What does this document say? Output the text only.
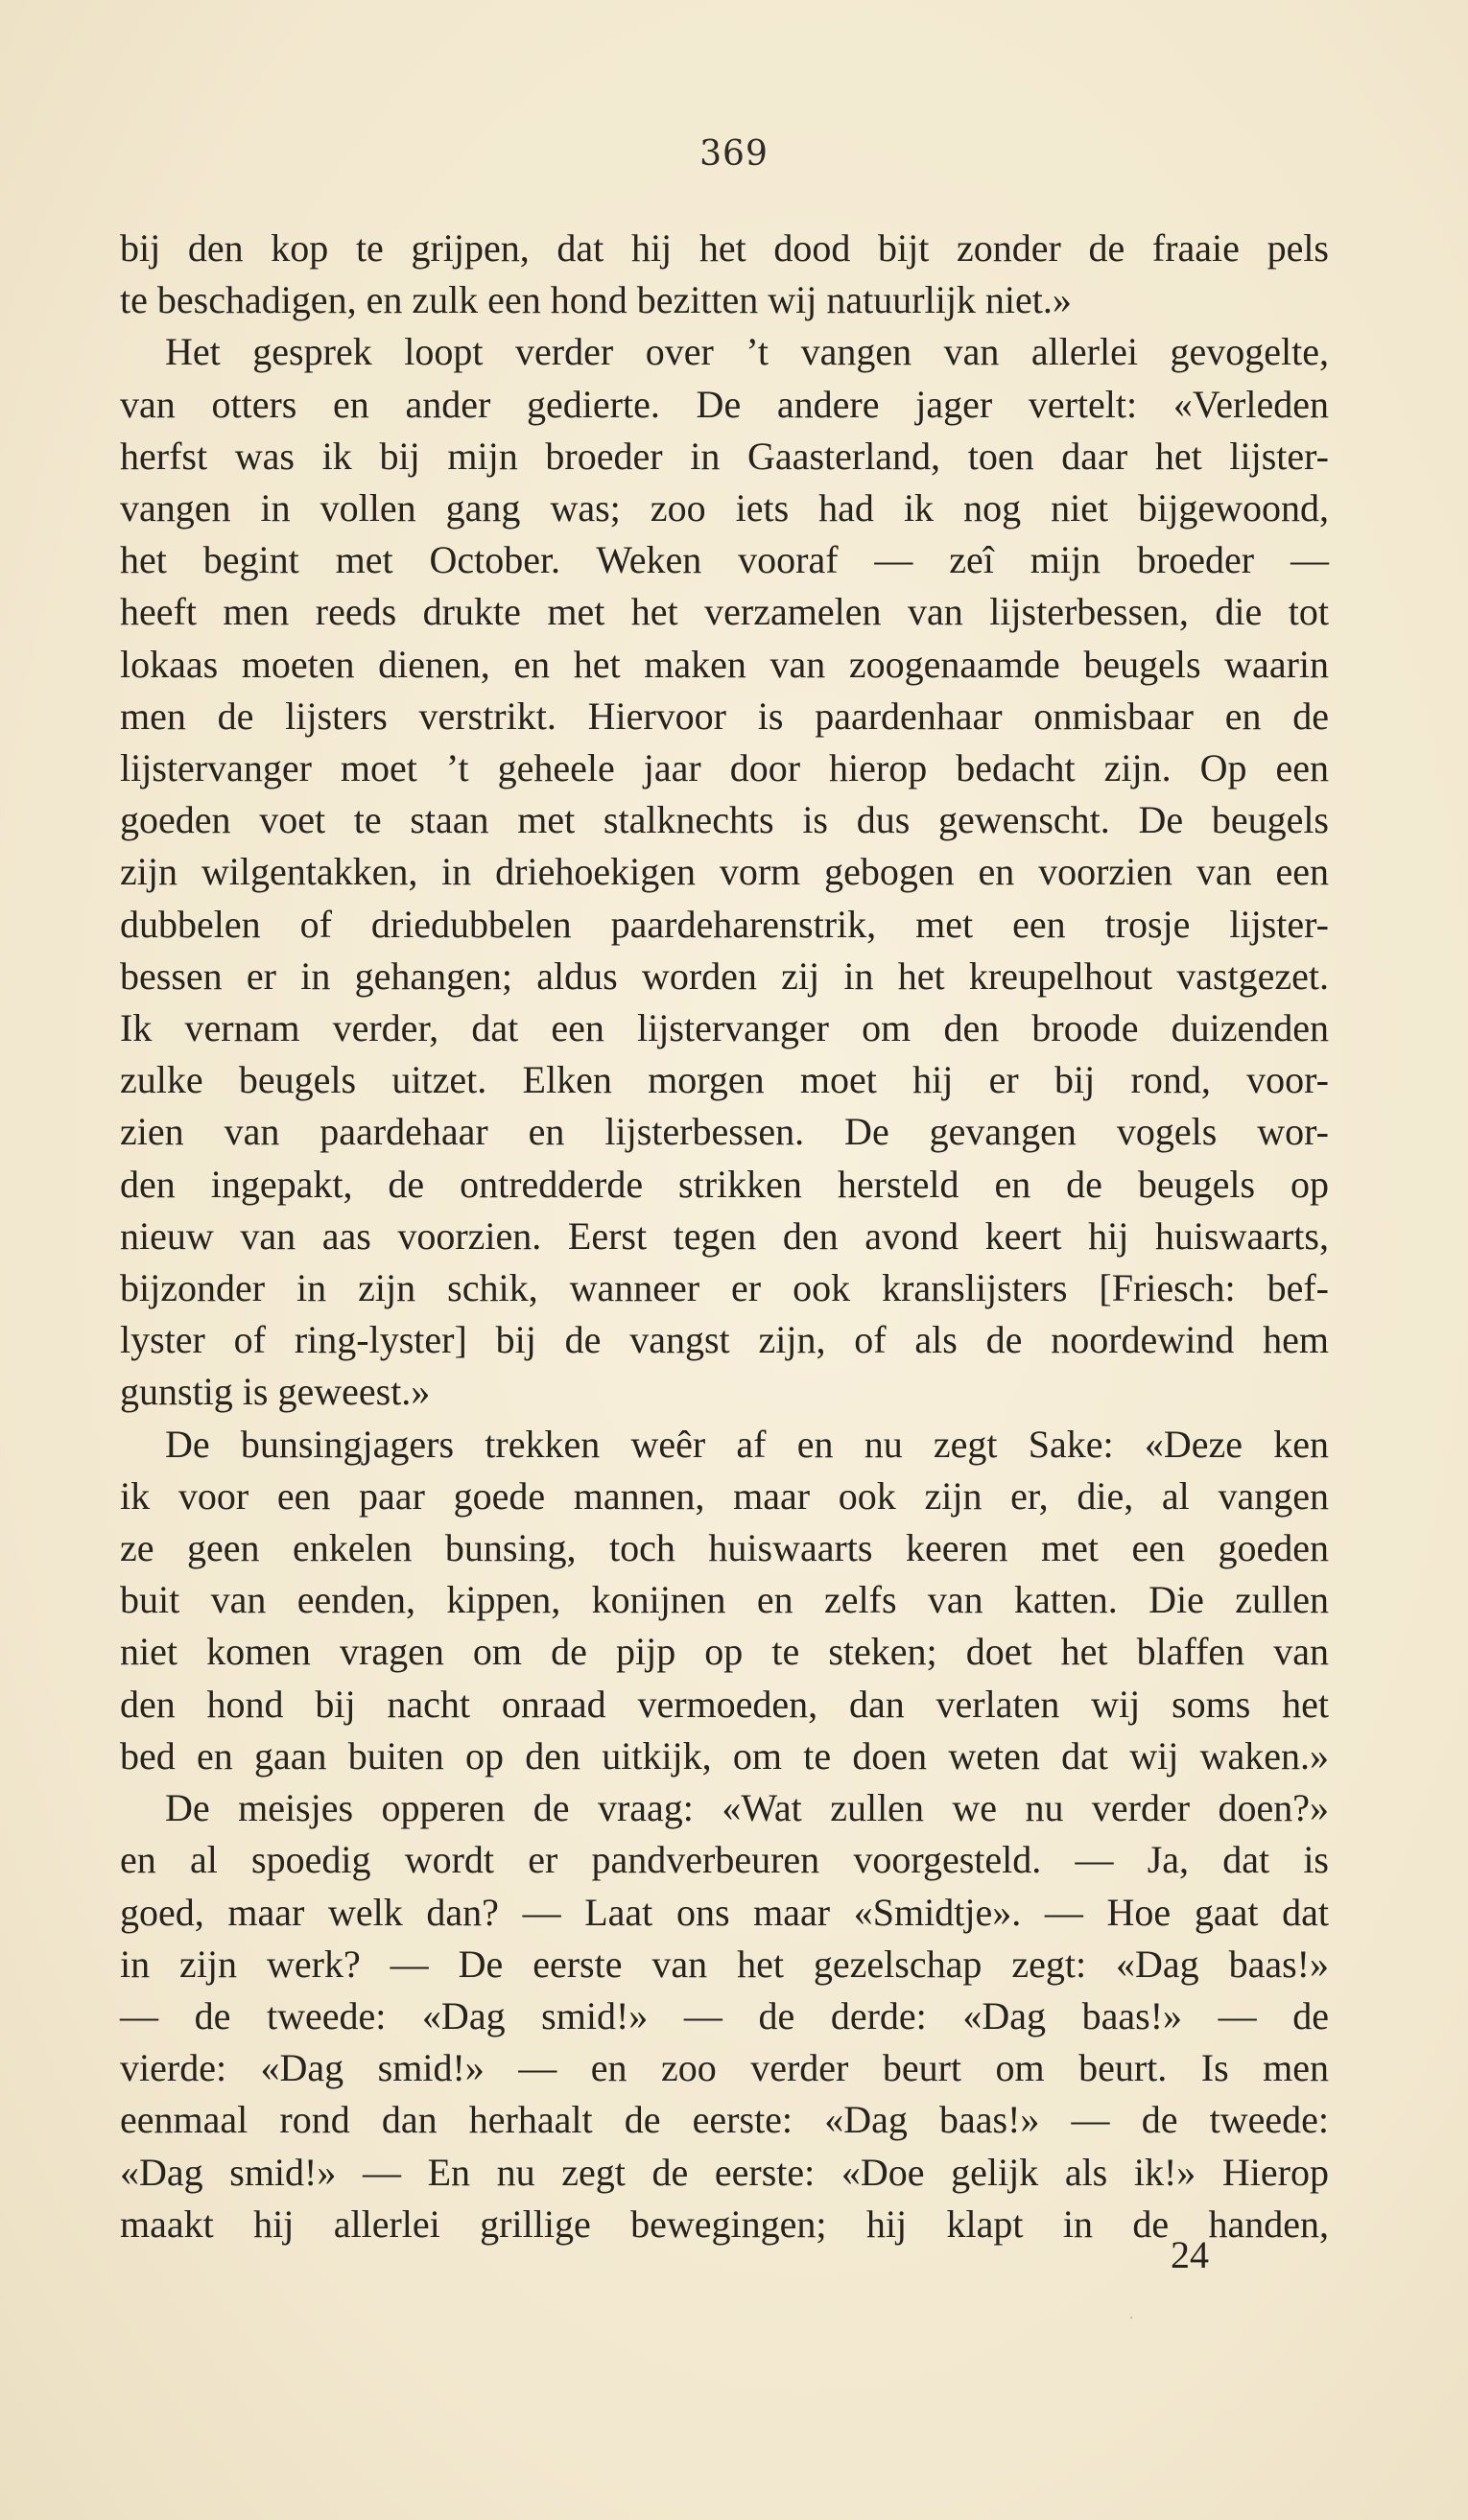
369
bij den kop te grijpen, dat hij het dood bijt zonder de fraaie pels
te beschadigen, en zulk een hond bezitten wij natuurlijk niet.»
Het gesprek loopt verder over ’t vangen van allerlei gevogelte,
van otters en ander gedierte. De andere jager vertelt: «Verleden
herfst was ik bij mijn broeder in Gaasterland, toen daar het lijster-
vangen in vollen gang was; zoo iets had ik nog niet bijgewoond,
het begint met October. Weken vooraf — zeî mijn broeder —
heeft men reeds drukte met het verzamelen van lijsterbessen, die tot
lokaas moeten dienen, en het maken van zoogenaamde beugels waarin
men de lijsters verstrikt. Hiervoor is paardenhaar onmisbaar en de
lijstervanger moet ’t geheele jaar door hierop bedacht zijn. Op een
goeden voet te staan met stalknechts is dus gewenscht. De beugels
zijn wilgentakken, in driehoekigen vorm gebogen en voorzien van een
dubbelen of driedubbelen paardeharenstrik, met een trosje lijster-
bessen er in gehangen; aldus worden zij in het kreupelhout vastgezet.
Ik vernam verder, dat een lijstervanger om den broode duizenden
zulke beugels uitzet. Elken morgen moet hij er bij rond, voor-
zien van paardehaar en lijsterbessen. De gevangen vogels wor-
den ingepakt, de ontredderde strikken hersteld en de beugels op
nieuw van aas voorzien. Eerst tegen den avond keert hij huiswaarts,
bijzonder in zijn schik, wanneer er ook kranslijsters [Friesch: bef-
lyster of ring-lyster] bij de vangst zijn, of als de noordewind hem
gunstig is geweest.»
De bunsingjagers trekken weêr af en nu zegt Sake: «Deze ken
ik voor een paar goede mannen, maar ook zijn er, die, al vangen
ze geen enkelen bunsing, toch huiswaarts keeren met een goeden
buit van eenden, kippen, konijnen en zelfs van katten. Die zullen
niet komen vragen om de pijp op te steken; doet het blaffen van
den hond bij nacht onraad vermoeden, dan verlaten wij soms het
bed en gaan buiten op den uitkijk, om te doen weten dat wij waken.»
De meisjes opperen de vraag: «Wat zullen we nu verder doen?»
en al spoedig wordt er pandverbeuren voorgesteld. — Ja, dat is
goed, maar welk dan? — Laat ons maar «Smidtje». — Hoe gaat dat
in zijn werk? — De eerste van het gezelschap zegt: «Dag baas!»
— de tweede: «Dag smid!» — de derde: «Dag baas!» — de
vierde: «Dag smid!» — en zoo verder beurt om beurt. Is men
eenmaal rond dan herhaalt de eerste: «Dag baas!» — de tweede:
«Dag smid!» — En nu zegt de eerste: «Doe gelijk als ik!» Hierop
maakt hij allerlei grillige bewegingen; hij klapt in de handen,
24
